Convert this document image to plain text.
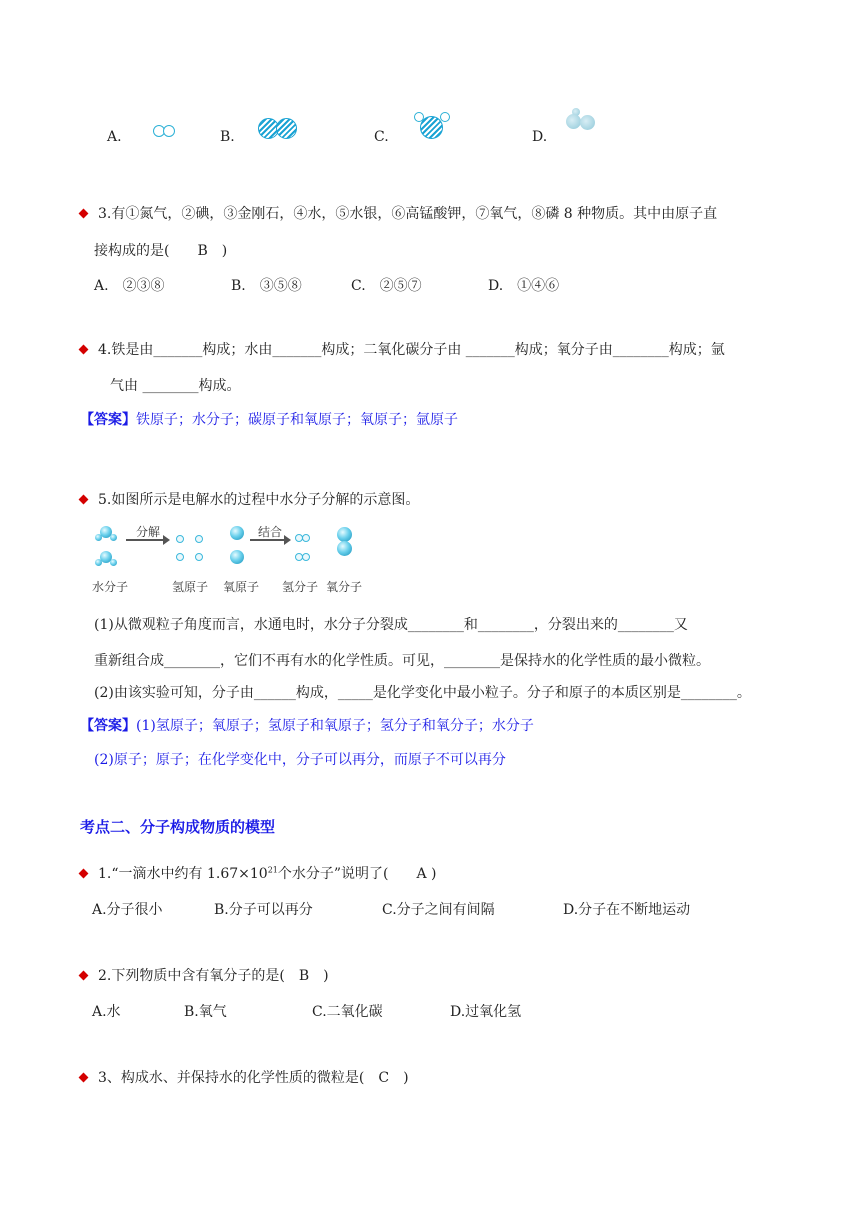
A.	B.	C.	D.
3.有①氮气，②碘，③金刚石，④水，⑤水银，⑥高锰酸钾，⑦氧气，⑧磷 8 种物质。其中由原子直
接构成的是(　　B　)
A.　②③⑧	B.　③⑤⑧	C.　②⑤⑦	D.　①④⑥
4.铁是由_______构成；水由_______构成；二氧化碳分子由 _______构成；氧分子由________构成；氩
气由 ________构成。
【答案】铁原子；水分子；碳原子和氧原子；氧原子；氩原子
5.如图所示是电解水的过程中水分子分解的示意图。
分解	结合
水分子	氢原子 氧原子 氢分子 氧分子
(1)从微观粒子角度而言，水通电时，水分子分裂成________和________，分裂出来的________又
重新组合成________，它们不再有水的化学性质。可见，________是保持水的化学性质的最小微粒。
(2)由该实验可知，分子由______构成，_____是化学变化中最小粒子。分子和原子的本质区别是________。
【答案】(1)氢原子；氧原子；氢原子和氧原子；氢分子和氧分子；水分子
(2)原子；原子；在化学变化中，分子可以再分，而原子不可以再分
考点二、分子构成物质的模型
1.“一滴水中约有 $1.67\times 10^{21}$个水分子”说明了(　　A )
A.分子很小	B.分子可以再分	C.分子之间有间隔	D.分子在不断地运动
2.下列物质中含有氧分子的是(　B　)
A.水	B.氧气	C.二氧化碳	D.过氧化氢
3、构成水、并保持水的化学性质的微粒是(　C　)
